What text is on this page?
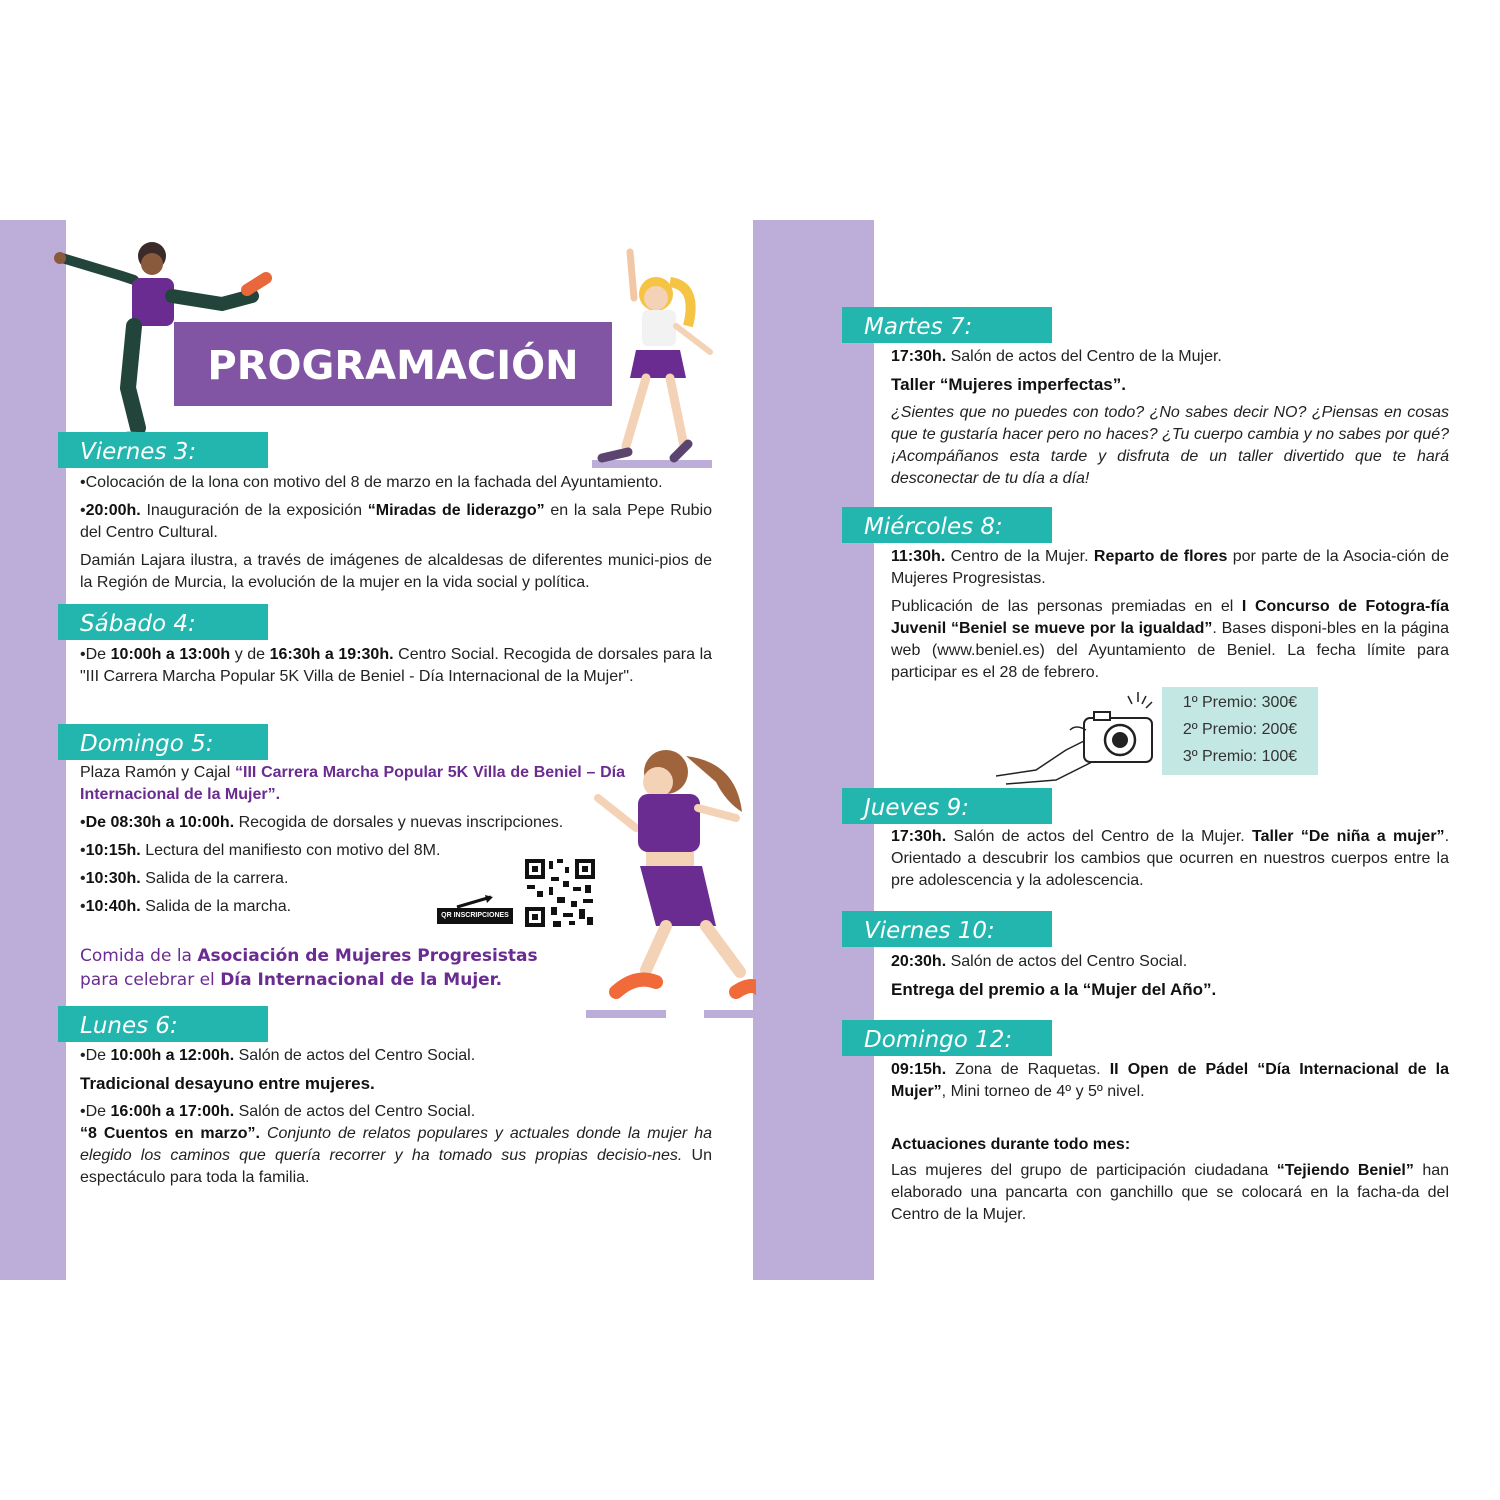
PROGRAMACIÓN 8M
Viernes 3:

• Colocación de la lona con motivo del 8 de marzo en la fachada del Ayuntamiento.

• 20:00h. Inauguración de la exposición “Miradas de liderazgo” en la sala Pepe Rubio del Centro Cultural.

Damián Lajara ilustra, a través de imágenes de alcaldesas de diferentes munici-pios de la Región de Murcia, la evolución de la mujer en la vida social y política.

Sábado 4:

• De 10:00h a 13:00h y de 16:30h a 19:30h. Centro Social. Recogida de dorsales para la "III Carrera Marcha Popular 5K Villa de Beniel - Día Internacional de la Mujer".

Domingo 5:

Plaza Ramón y Cajal “III Carrera Marcha Popular 5K Villa de Beniel – Día Internacional de la Mujer”.

• De 08:30h a 10:00h. Recogida de dorsales y nuevas inscripciones.

• 10:15h. Lectura del manifiesto con motivo del 8M.

• 10:30h. Salida de la carrera.

• 10:40h. Salida de la marcha.

QR INSCRIPCIONES
Comida de la Asociación de Mujeres Progresistas
para celebrar el Día Internacional de la Mujer.
Lunes 6:

• De 10:00h a 12:00h. Salón de actos del Centro Social.

Tradicional desayuno entre mujeres.

• De 16:00h a 17:00h. Salón de actos del Centro Social.

“8 Cuentos en marzo”. Conjunto de relatos populares y actuales donde la mujer ha elegido los caminos que quería recorrer y ha tomado sus propias decisio-nes. Un espectáculo para toda la familia.

Martes 7:

17:30h. Salón de actos del Centro de la Mujer.

Taller “Mujeres imperfectas”.

¿Sientes que no puedes con todo? ¿No sabes decir NO? ¿Piensas en cosas que te gustaría hacer pero no haces? ¿Tu cuerpo cambia y no sabes por qué? ¡Acompáñanos esta tarde y disfruta de un taller divertido que te hará desconectar de tu día a día!

Miércoles 8:

11:30h. Centro de la Mujer. Reparto de flores por parte de la Asocia-ción de Mujeres Progresistas.

Publicación de las personas premiadas en el I Concurso de Fotogra-fía Juvenil “Beniel se mueve por la igualdad”. Bases disponi-bles en la página web (www.beniel.es) del Ayuntamiento de Beniel. La fecha límite para participar es el 28 de febrero.

1º Premio: 300€
2º Premio: 200€
3º Premio: 100€
Jueves 9:

17:30h. Salón de actos del Centro de la Mujer. Taller “De niña a mujer”. Orientado a descubrir los cambios que ocurren en nuestros cuerpos entre la pre adolescencia y la adolescencia.

Viernes 10:

20:30h. Salón de actos del Centro Social.

Entrega del premio a la “Mujer del Año”.

Domingo 12:

09:15h. Zona de Raquetas. II Open de Pádel “Día Internacional de la Mujer”, Mini torneo de 4º y 5º nivel.

Actuaciones durante todo mes:

Las mujeres del grupo de participación ciudadana “Tejiendo Beniel” han elaborado una pancarta con ganchillo que se colocará en la facha-da del Centro de la Mujer.
